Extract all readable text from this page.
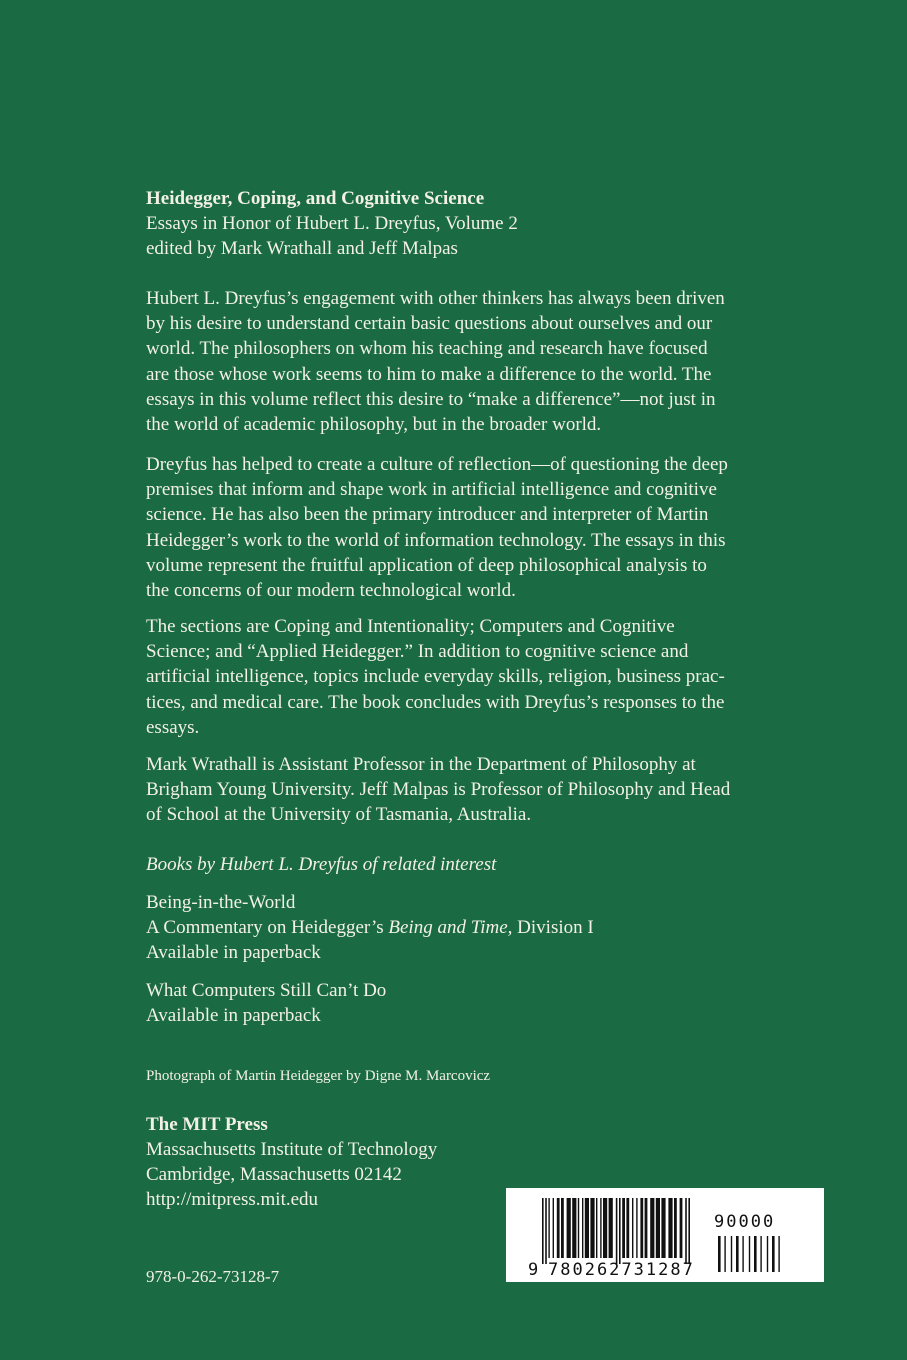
Heidegger, Coping, and Cognitive Science
Essays in Honor of Hubert L. Dreyfus, Volume 2
edited by Mark Wrathall and Jeff Malpas
Hubert L. Dreyfus’s engagement with other thinkers has always been driven
by his desire to understand certain basic questions about ourselves and our
world. The philosophers on whom his teaching and research have focused
are those whose work seems to him to make a difference to the world. The
essays in this volume reflect this desire to “make a difference”—not just in
the world of academic philosophy, but in the broader world.
Dreyfus has helped to create a culture of reflection—of questioning the deep
premises that inform and shape work in artificial intelligence and cognitive
science. He has also been the primary introducer and interpreter of Martin
Heidegger’s work to the world of information technology. The essays in this
volume represent the fruitful application of deep philosophical analysis to
the concerns of our modern technological world.
The sections are Coping and Intentionality; Computers and Cognitive
Science; and “Applied Heidegger.” In addition to cognitive science and
artificial intelligence, topics include everyday skills, religion, business prac-
tices, and medical care. The book concludes with Dreyfus’s responses to the
essays.
Mark Wrathall is Assistant Professor in the Department of Philosophy at
Brigham Young University. Jeff Malpas is Professor of Philosophy and Head
of School at the University of Tasmania, Australia.
Books by Hubert L. Dreyfus of related interest
Being-in-the-World
A Commentary on Heidegger’s Being and Time, Division I
Available in paperback
What Computers Still Can’t Do
Available in paperback
Photograph of Martin Heidegger by Digne M. Marcovicz
The MIT Press
Massachusetts Institute of Technology
Cambridge, Massachusetts 02142
http://mitpress.mit.edu
978-0-262-73128-7
90000
9 780262731287
